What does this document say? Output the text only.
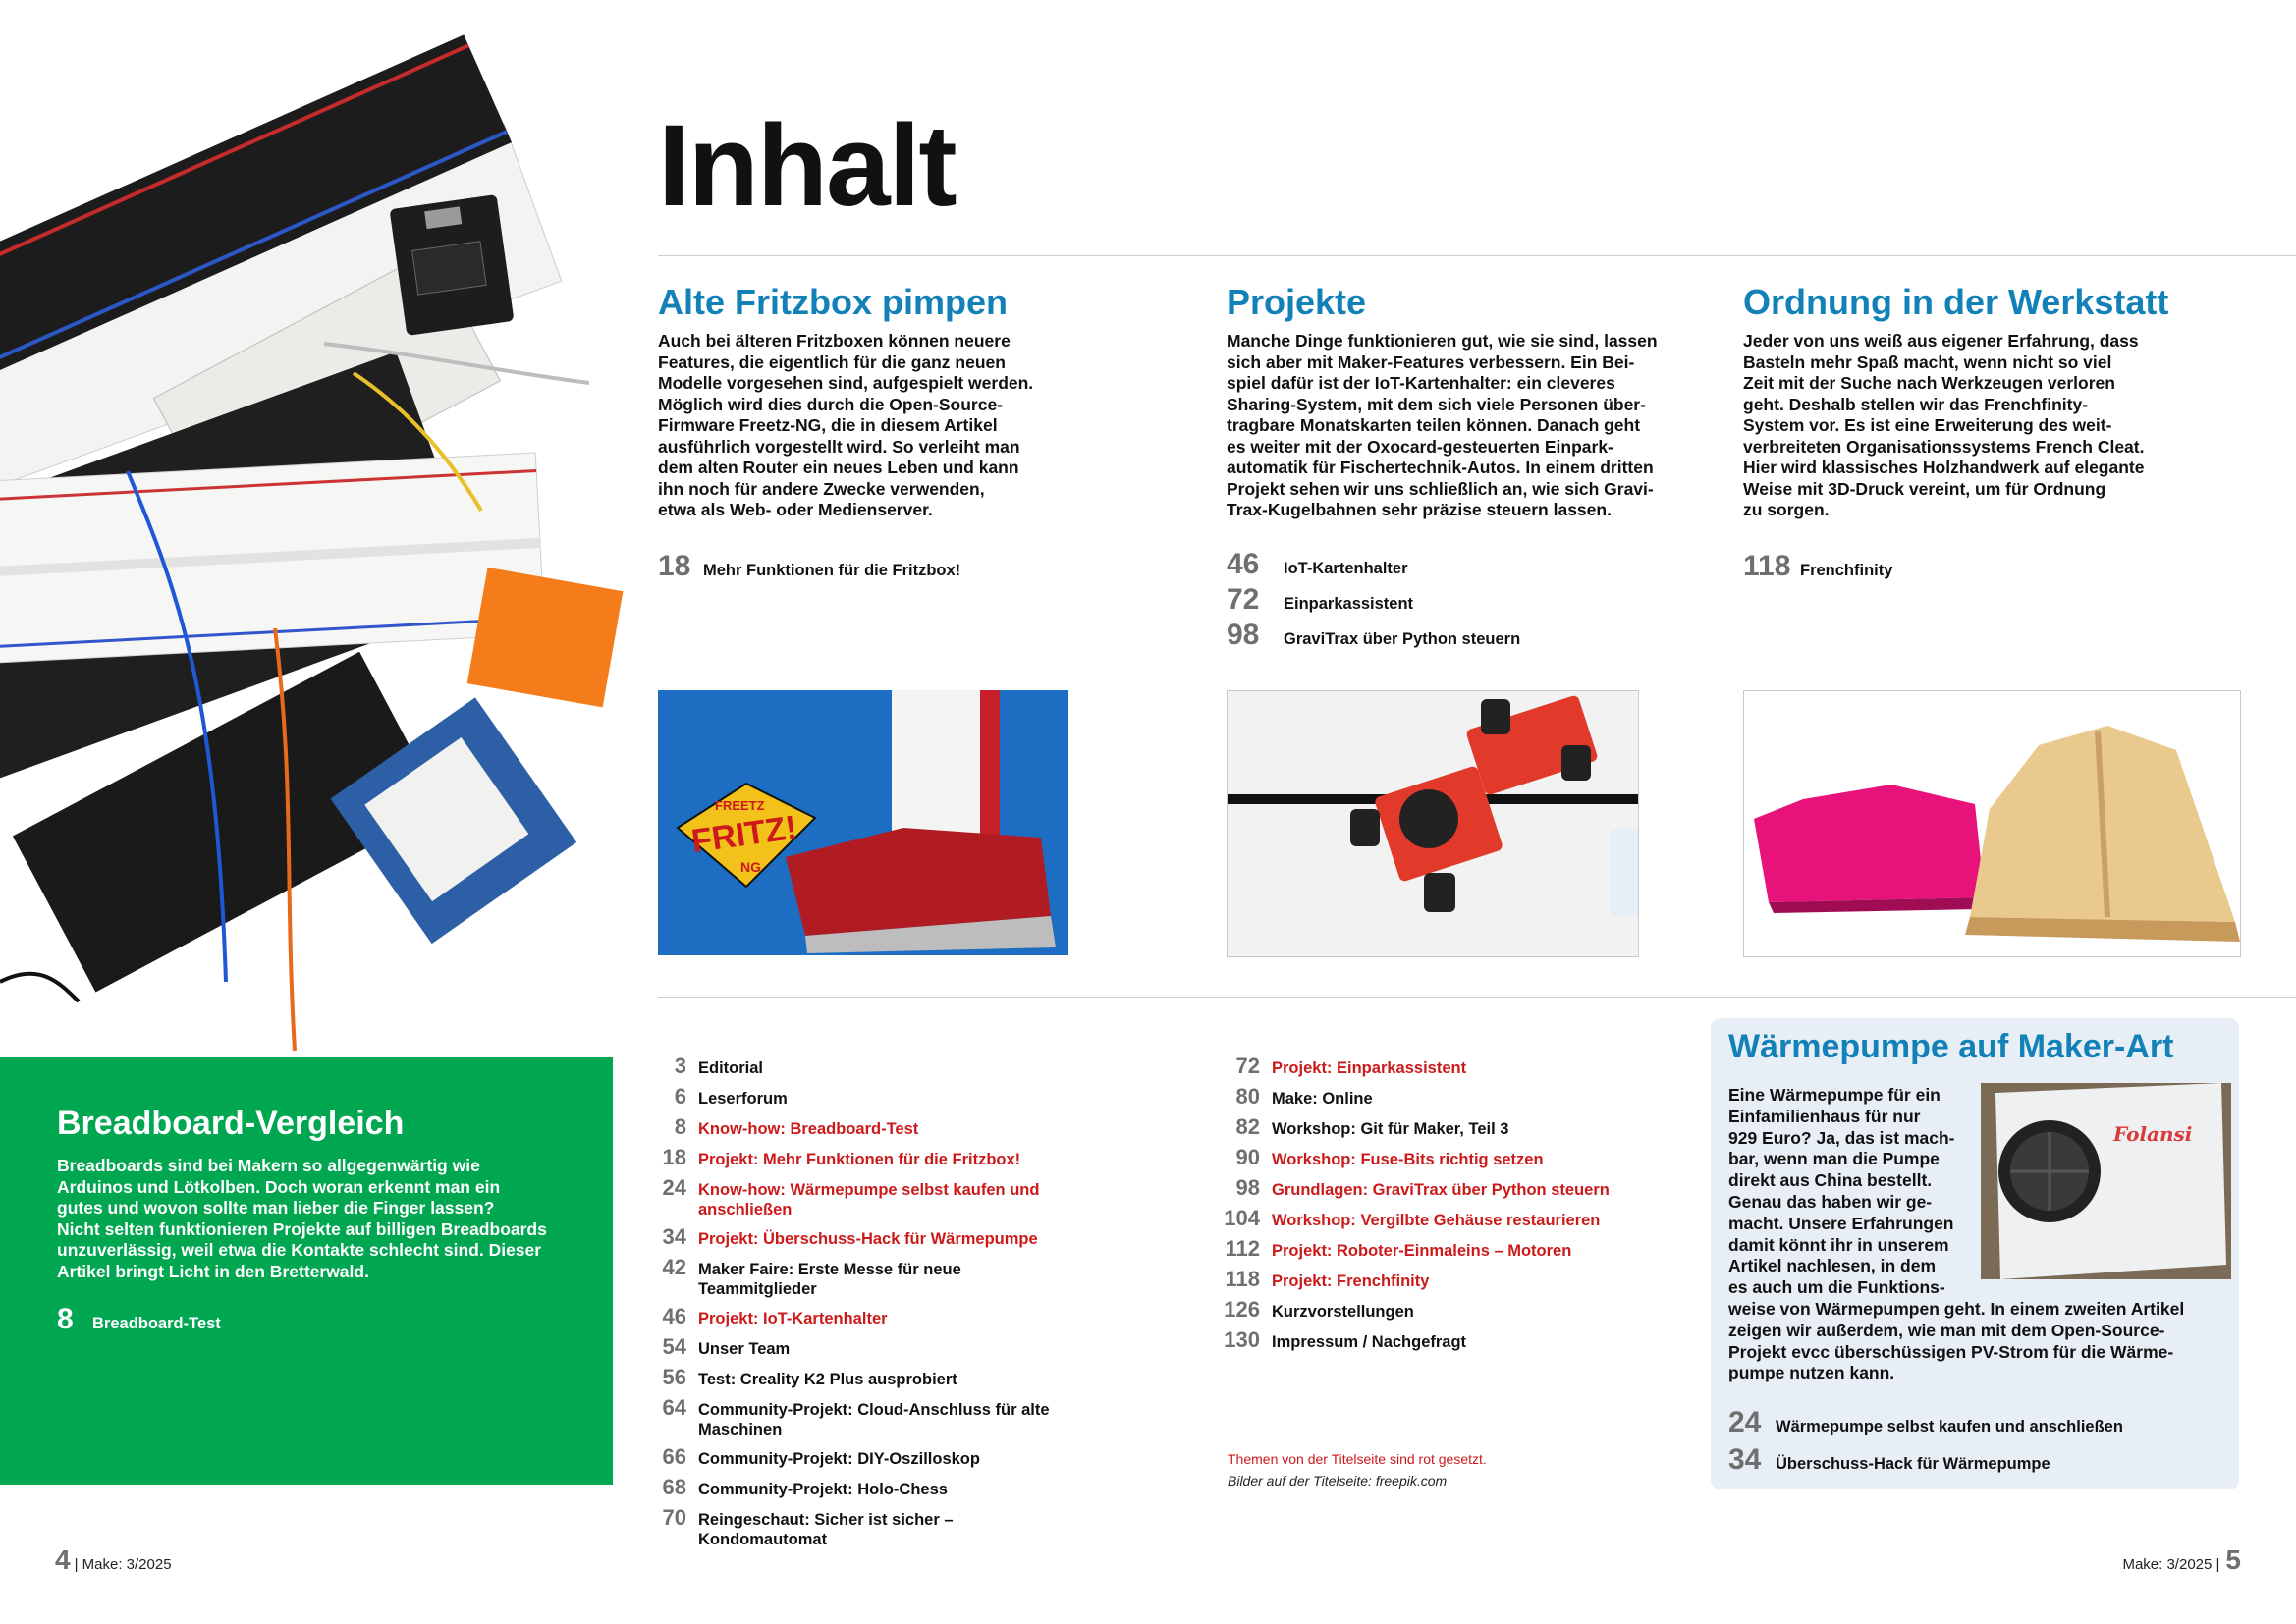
Inhalt
Alte Fritzbox pimpen
Auch bei älteren Fritzboxen können neuere
Features, die eigentlich für die ganz neuen
Modelle vorgesehen sind, aufgespielt werden.
Möglich wird dies durch die Open-Source-
Firmware Freetz-NG, die in diesem Artikel
ausführlich vorgestellt wird. So verleiht man
dem alten Router ein neues Leben und kann
ihn noch für andere Zwecke verwenden,
etwa als Web- oder Medienserver.
18 Mehr Funktionen für die Fritzbox!
FREETZ
FRITZ!
NG
Projekte
Manche Dinge funktionieren gut, wie sie sind, lassen
sich aber mit Maker-Features verbessern. Ein Bei-
spiel dafür ist der IoT-Kartenhalter: ein cleveres
Sharing-System, mit dem sich viele Personen über-
tragbare Monatskarten teilen können. Danach geht
es weiter mit der Oxocard-gesteuerten Einpark-
automatik für Fischertechnik-Autos. In einem dritten
Projekt sehen wir uns schließlich an, wie sich Gravi-
Trax-Kugelbahnen sehr präzise steuern lassen.
46	IoT-Kartenhalter
72	Einparkassistent
98	GraviTrax über Python steuern
Ordnung in der Werkstatt
Jeder von uns weiß aus eigener Erfahrung, dass
Basteln mehr Spaß macht, wenn nicht so viel
Zeit mit der Suche nach Werkzeugen verloren
geht. Deshalb stellen wir das Frenchfinity-
System vor. Es ist eine Erweiterung des weit-
verbreiteten Organisationssystems French Cleat.
Hier wird klassisches Holzhandwerk auf elegante
Weise mit 3D-Druck vereint, um für Ordnung
zu sorgen.
118 Frenchfinity
Breadboard-Vergleich
Breadboards sind bei Makern so allgegenwärtig wie
Arduinos und Lötkolben. Doch woran erkennt man ein
gutes und wovon sollte man lieber die Finger lassen?
Nicht selten funktionieren Projekte auf billigen Breadboards
unzuverlässig, weil etwa die Kontakte schlecht sind. Dieser
Artikel bringt Licht in den Bretterwald.
8	Breadboard-Test
3 Editorial
6 Leserforum
8 Know-how: Breadboard-Test
18 Projekt: Mehr Funktionen für die Fritzbox!
24 Know-how: Wärmepumpe selbst kaufen und anschließen
34 Projekt: Überschuss-Hack für Wärmepumpe
42 Maker Faire: Erste Messe für neue Teammitglieder
46 Projekt: IoT-Kartenhalter
54 Unser Team
56 Test: Creality K2 Plus ausprobiert
64 Community-Projekt: Cloud-Anschluss für alte Maschinen
66 Community-Projekt: DIY-Oszilloskop
68 Community-Projekt: Holo-Chess
70 Reingeschaut: Sicher ist sicher – Kondomautomat
72 Projekt: Einparkassistent
80 Make: Online
82 Workshop: Git für Maker, Teil 3
90 Workshop: Fuse-Bits richtig setzen
98 Grundlagen: GraviTrax über Python steuern
104 Workshop: Vergilbte Gehäuse restaurieren
112 Projekt: Roboter-Einmaleins – Motoren
118 Projekt: Frenchfinity
126 Kurzvorstellungen
130 Impressum / Nachgefragt
Themen von der Titelseite sind rot gesetzt.
Bilder auf der Titelseite: freepik.com
Wärmepumpe auf Maker-Art
Folansi
Eine Wärmepumpe für ein
Einfamilienhaus für nur
929 Euro? Ja, das ist mach-
bar, wenn man die Pumpe
direkt aus China bestellt.
Genau das haben wir ge-
macht. Unsere Erfahrungen
damit könnt ihr in unserem
Artikel nachlesen, in dem
es auch um die Funktions-
weise von Wärmepumpen geht. In einem zweiten Artikel
zeigen wir außerdem, wie man mit dem Open-Source-
Projekt evcc überschüssigen PV-Strom für die Wärme-
pumpe nutzen kann.
24 Wärmepumpe selbst kaufen und anschließen
34 Überschuss-Hack für Wärmepumpe
4 | Make: 3/2025	Make: 3/2025 | 5
